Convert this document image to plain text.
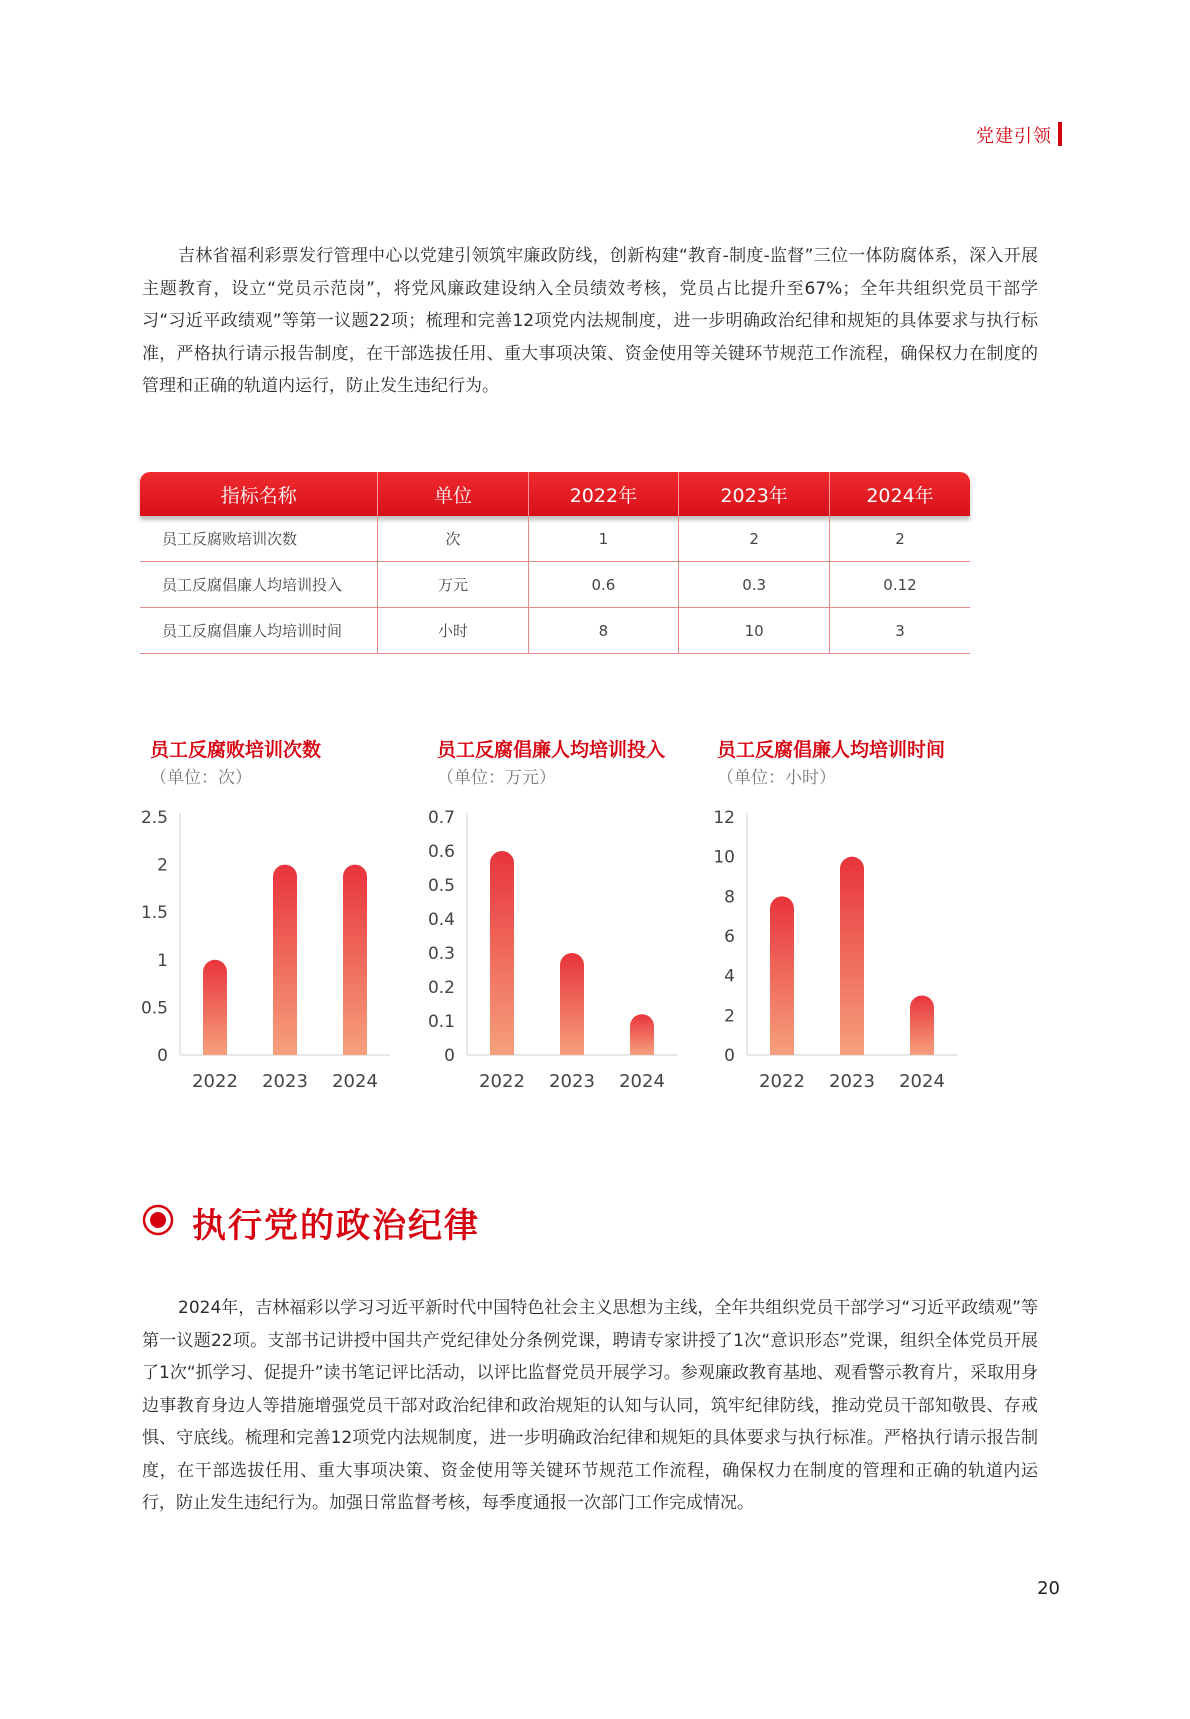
党建引领

吉林省福利彩票发行管理中心以党建引领筑牢廉政防线，创新构建“教育-制度-监督”三位一体防腐体系，深入开展主题教育，设立“党员示范岗”，将党风廉政建设纳入全员绩效考核，党员占比提升至67%；全年共组织党员干部学习“习近平政绩观”等第一议题22项；梳理和完善12项党内法规制度，进一步明确政治纪律和规矩的具体要求与执行标准，严格执行请示报告制度，在干部选拔任用、重大事项决策、资金使用等关键环节规范工作流程，确保权力在制度的管理和正确的轨道内运行，防止发生违纪行为。

指标名称	单位	2022年	2023年	2024年
员工反腐败培训次数	次	1	2	2
员工反腐倡廉人均培训投入	万元	0.6	0.3	0.12
员工反腐倡廉人均培训时间	小时	8	10	3
员工反腐败培训次数
（单位：次）
0
0.5
1
1.5
2
2.5
2022 2023 2024
员工反腐倡廉人均培训投入
（单位：万元）
0
0.1
0.2
0.3
0.4
0.5
0.6
0.7
2022 2023 2024
员工反腐倡廉人均培训时间
（单位：小时）
0
2
4
6
8
10
12
2022 2023 2024
执行党的政治纪律

2024年，吉林福彩以学习习近平新时代中国特色社会主义思想为主线，全年共组织党员干部学习“习近平政绩观”等第一议题22项。支部书记讲授中国共产党纪律处分条例党课，聘请专家讲授了1次“意识形态”党课，组织全体党员开展了1次“抓学习、促提升”读书笔记评比活动，以评比监督党员开展学习。参观廉政教育基地、观看警示教育片，采取用身边事教育身边人等措施增强党员干部对政治纪律和政治规矩的认知与认同，筑牢纪律防线，推动党员干部知敬畏、存戒惧、守底线。梳理和完善12项党内法规制度，进一步明确政治纪律和规矩的具体要求与执行标准。严格执行请示报告制度，在干部选拔任用、重大事项决策、资金使用等关键环节规范工作流程，确保权力在制度的管理和正确的轨道内运行，防止发生违纪行为。加强日常监督考核，每季度通报一次部门工作完成情况。

20
